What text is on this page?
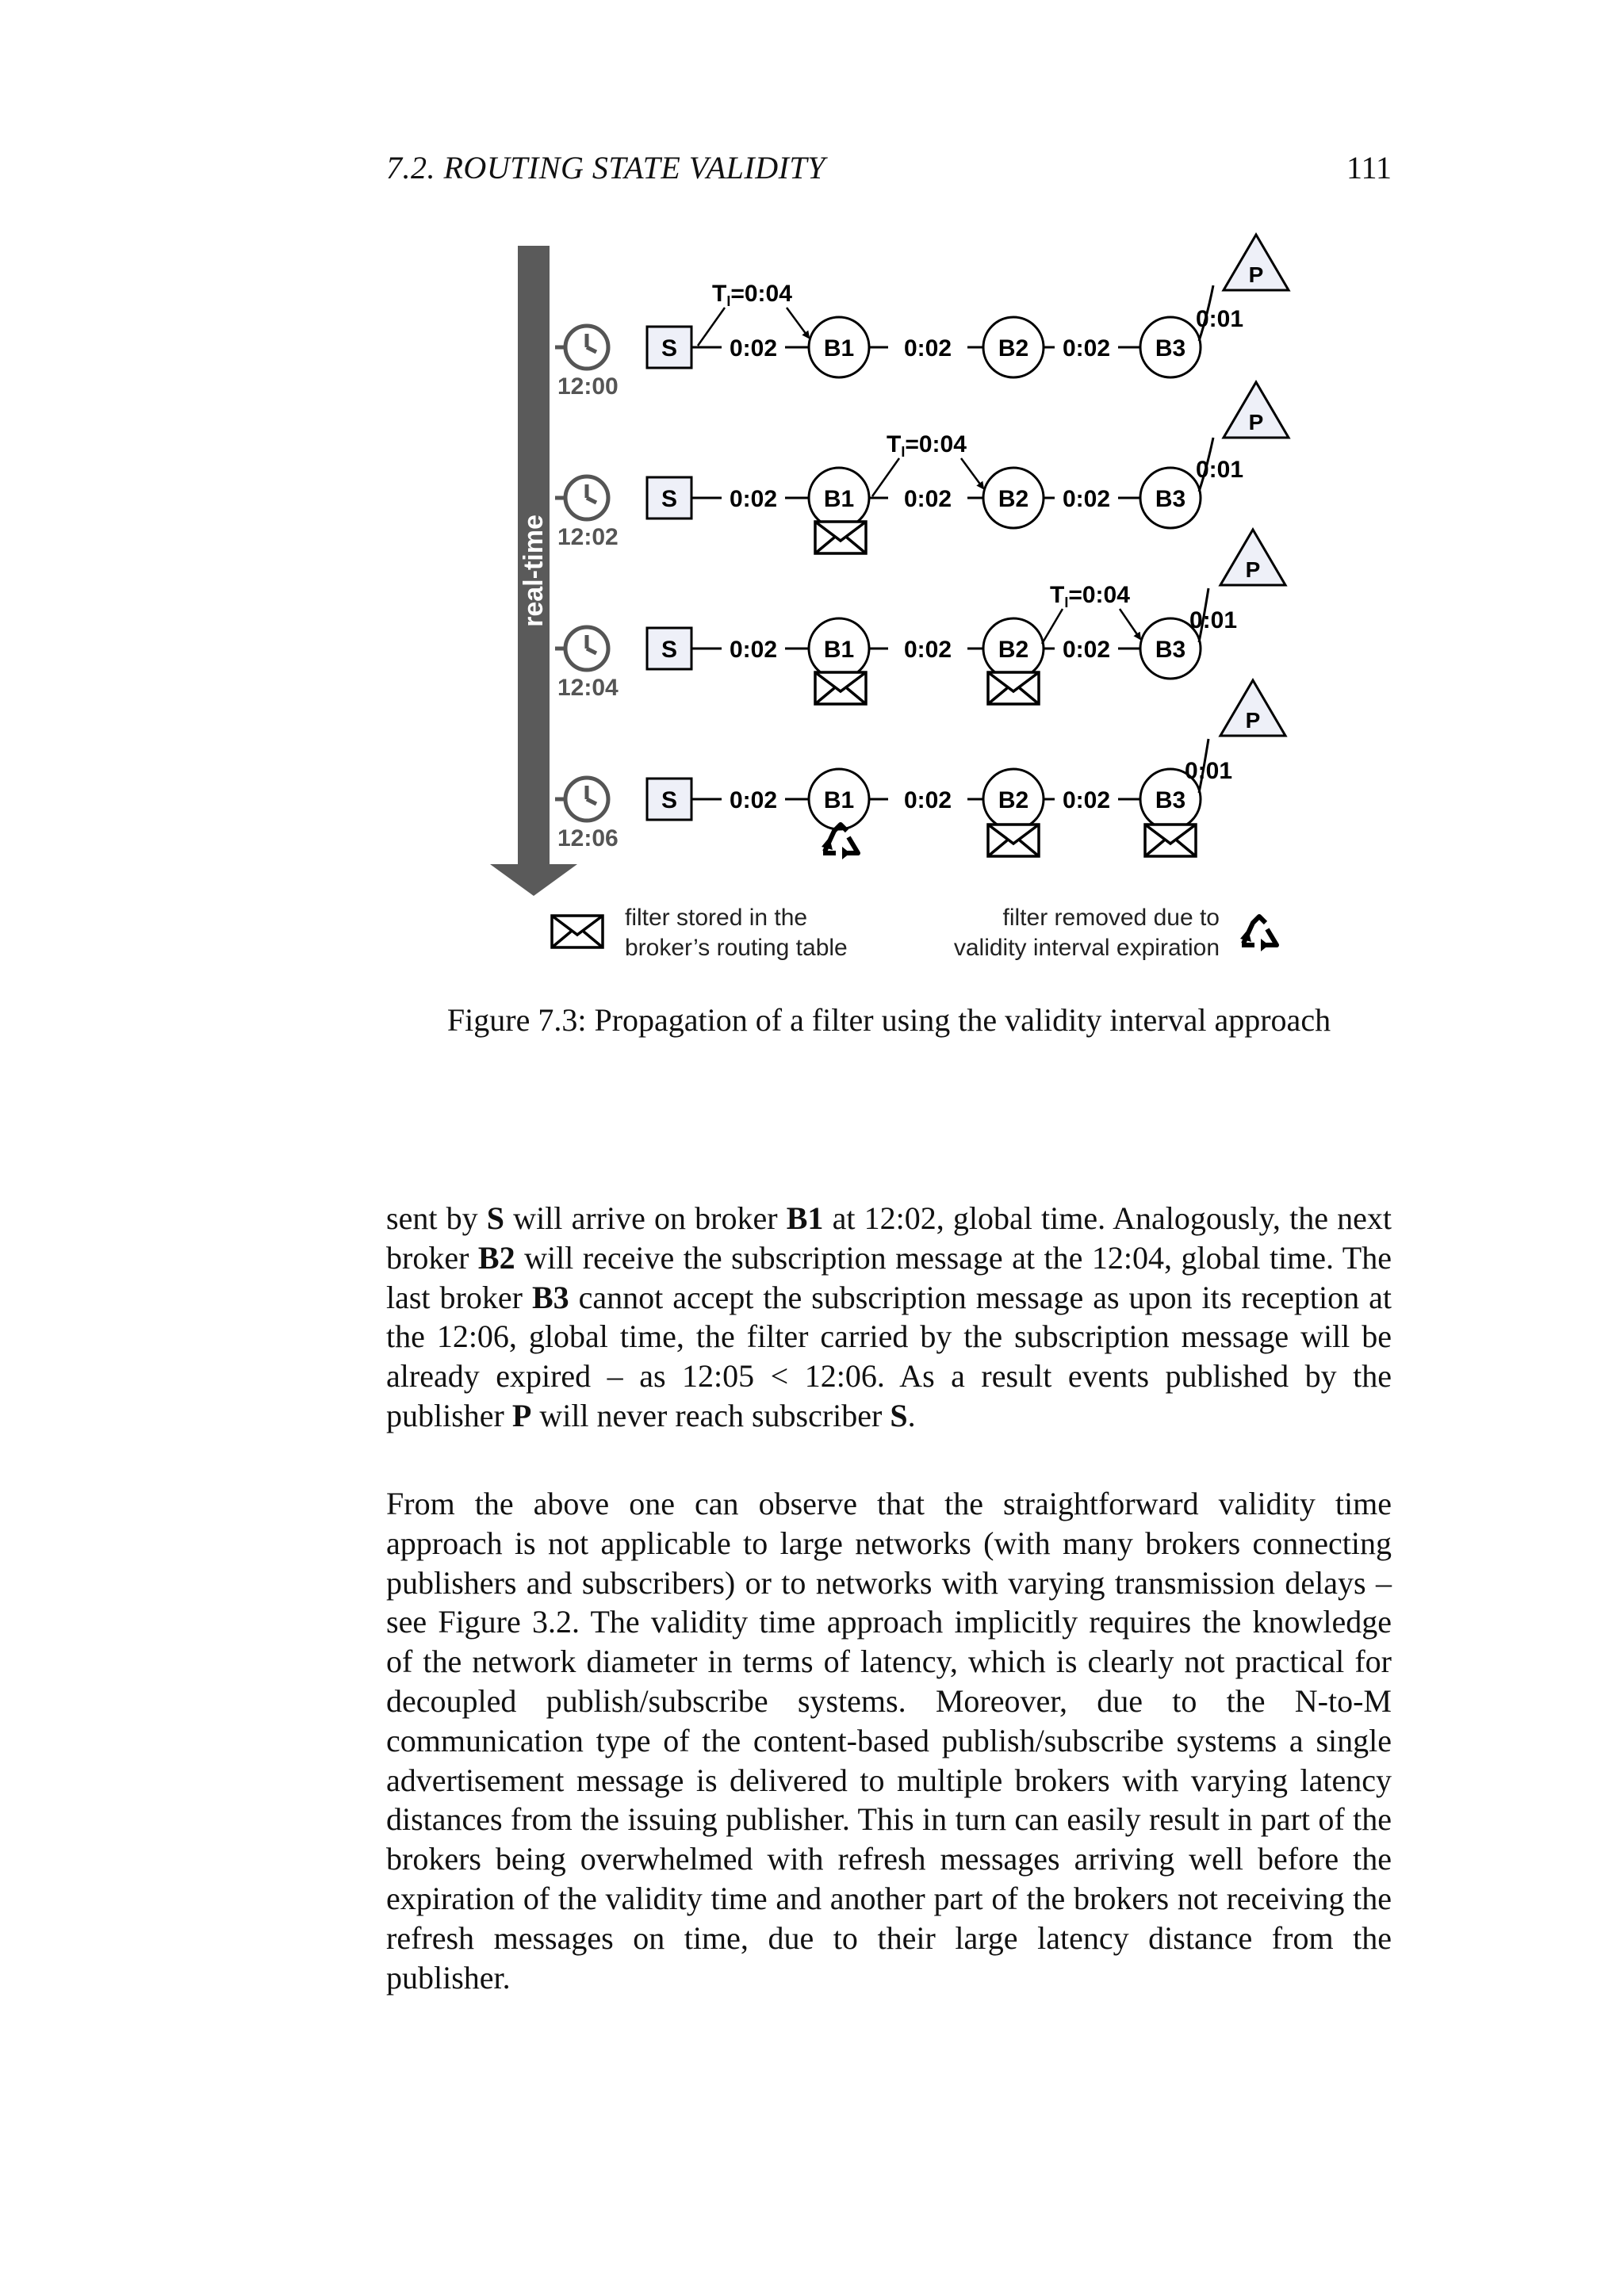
7.2. ROUTING STATE VALIDITY	111
real-time
12:00
S 0:02 B1 0:02 B2 0:02 B3
0:01
P
$T_I=0:04$
12:02
S 0:02 B1 0:02 B2 0:02 B3
0:01
P
$T_I=0:04$
12:04
S 0:02 B1 0:02 B2 0:02 B3
0:01
P
$T_I=0:04$
12:06
S 0:02 B1 0:02 B2 0:02 B3
0:01
P
filter stored in the
broker’s routing table
filter removed due to
validity interval expiration
Figure 7.3: Propagation of a filter using the validity interval approach

sent by S will arrive on broker B1 at 12:02, global time. Analogously, the next broker B2 will receive the subscription message at the 12:04, global time. The last broker B3 cannot accept the subscription message as upon its reception at the 12:06, global time, the filter carried by the subscription message will be already expired – as 12:05 < 12:06. As a result events published by the publisher P will never reach subscriber S.

From the above one can observe that the straightforward validity time approach is not applicable to large networks (with many brokers connecting publishers and subscribers) or to networks with varying transmission delays – see Figure 3.2. The validity time approach implicitly requires the knowledge of the network diameter in terms of latency, which is clearly not practical for decoupled publish/subscribe systems. Moreover, due to the N-to-M communication type of the content-based publish/subscribe systems a single advertisement message is delivered to multiple brokers with varying latency distances from the issuing publisher. This in turn can easily result in part of the brokers being overwhelmed with refresh messages arriving well before the expiration of the validity time and another part of the brokers not receiving the refresh messages on time, due to their large latency distance from the publisher.
